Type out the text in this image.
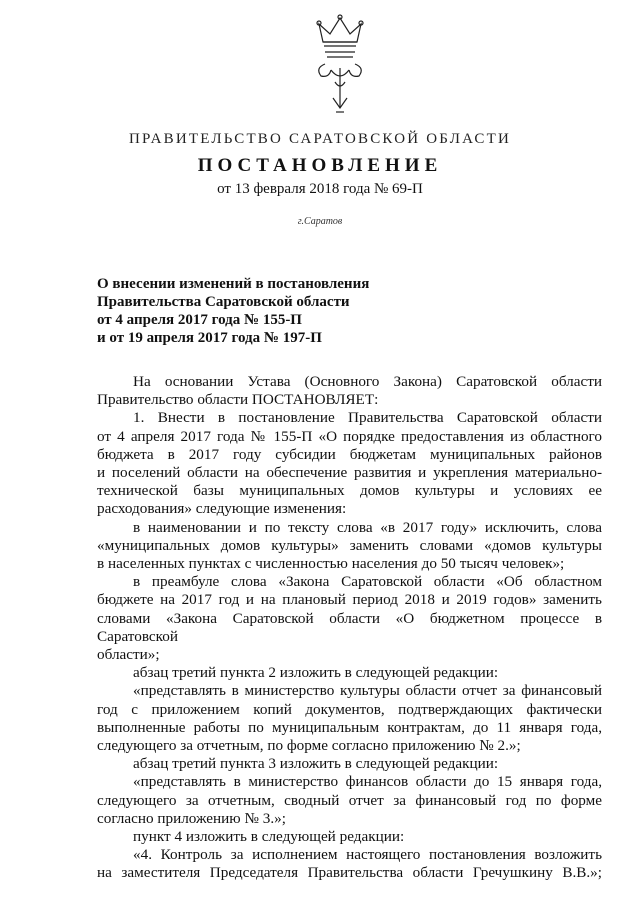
ПРАВИТЕЛЬСТВО САРАТОВСКОЙ ОБЛАСТИ
ПОСТАНОВЛЕНИЕ
от 13 февраля 2018 года № 69-П
г.Саратов
О внесении изменений в постановления
Правительства Саратовской области
от 4 апреля 2017 года № 155-П
и от 19 апреля 2017 года № 197-П
На основании Устава (Основного Закона) Саратовской области
Правительство области ПОСТАНОВЛЯЕТ:
1. Внести в постановление Правительства Саратовской области
от 4 апреля 2017 года № 155-П «О порядке предоставления из областного
бюджета в 2017 году субсидии бюджетам муниципальных районов
и поселений области на обеспечение развития и укрепления материально-
технической базы муниципальных домов культуры и условиях ее
расходования» следующие изменения:
в наименовании и по тексту слова «в 2017 году» исключить, слова
«муниципальных домов культуры» заменить словами «домов культуры
в населенных пунктах с численностью населения до 50 тысяч человек»;
в преамбуле слова «Закона Саратовской области «Об областном
бюджете на 2017 год и на плановый период 2018 и 2019 годов» заменить
словами «Закона Саратовской области «О бюджетном процессе в Саратовской
области»;
абзац третий пункта 2 изложить в следующей редакции:
«представлять в министерство культуры области отчет за финансовый
год с приложением копий документов, подтверждающих фактически
выполненные работы по муниципальным контрактам, до 11 января года,
следующего за отчетным, по форме согласно приложению № 2.»;
абзац третий пункта 3 изложить в следующей редакции:
«представлять в министерство финансов области до 15 января года,
следующего за отчетным, сводный отчет за финансовый год по форме
согласно приложению № 3.»;
пункт 4 изложить в следующей редакции:
«4. Контроль за исполнением настоящего постановления возложить
на заместителя Председателя Правительства области Гречушкину В.В.»;
